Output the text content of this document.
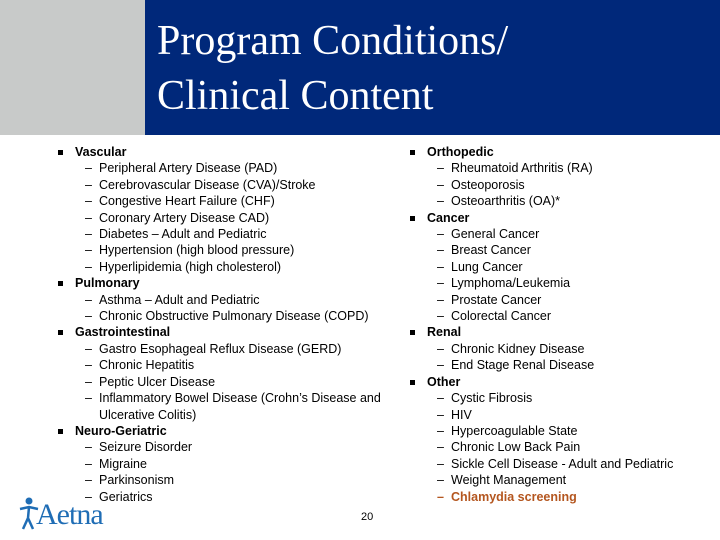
Program Conditions/
Clinical Content
Vascular
– Peripheral Artery Disease (PAD)
– Cerebrovascular Disease (CVA)/Stroke
– Congestive Heart Failure (CHF)
– Coronary Artery Disease CAD)
– Diabetes – Adult and Pediatric
– Hypertension (high blood pressure)
– Hyperlipidemia (high cholesterol)
Pulmonary
– Asthma – Adult and Pediatric
– Chronic Obstructive Pulmonary Disease (COPD)
Gastrointestinal
– Gastro Esophageal Reflux Disease (GERD)
– Chronic Hepatitis
– Peptic Ulcer Disease
– Inflammatory Bowel Disease (Crohn’s Disease and Ulcerative Colitis)
Neuro-Geriatric
– Seizure Disorder
– Migraine
– Parkinsonism
– Geriatrics
Orthopedic
– Rheumatoid Arthritis (RA)
– Osteoporosis
– Osteoarthritis (OA)*
Cancer
– General Cancer
– Breast Cancer
– Lung Cancer
– Lymphoma/Leukemia
– Prostate Cancer
– Colorectal Cancer
Renal
– Chronic Kidney Disease
– End Stage Renal Disease
Other
– Cystic Fibrosis
– HIV
– Hypercoagulable State
– Chronic Low Back Pain
– Sickle Cell Disease - Adult and Pediatric
– Weight Management
– Chlamydia screening
Aetna	20
